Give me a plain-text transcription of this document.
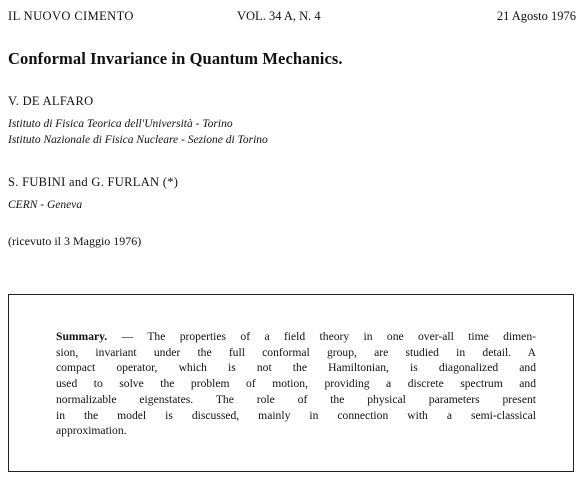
IL NUOVO CIMENTO	VOL. 34 A, N. 4	21 Agosto 1976
Conformal Invariance in Quantum Mechanics.
V. DE ALFARO
Istituto di Fisica Teorica dell'Università - Torino
Istituto Nazionale di Fisica Nucleare - Sezione di Torino
S. FUBINI and G. FURLAN (*)
CERN - Geneva
(ricevuto il 3 Maggio 1976)
Summary. — The properties of a field theory in one over-all time dimen-
sion, invariant under the full conformal group, are studied in detail. A
compact operator, which is not the Hamiltonian, is diagonalized and
used to solve the problem of motion, providing a discrete spectrum and
normalizable eigenstates. The role of the physical parameters present
in the model is discussed, mainly in connection with a semi-classical
approximation.
